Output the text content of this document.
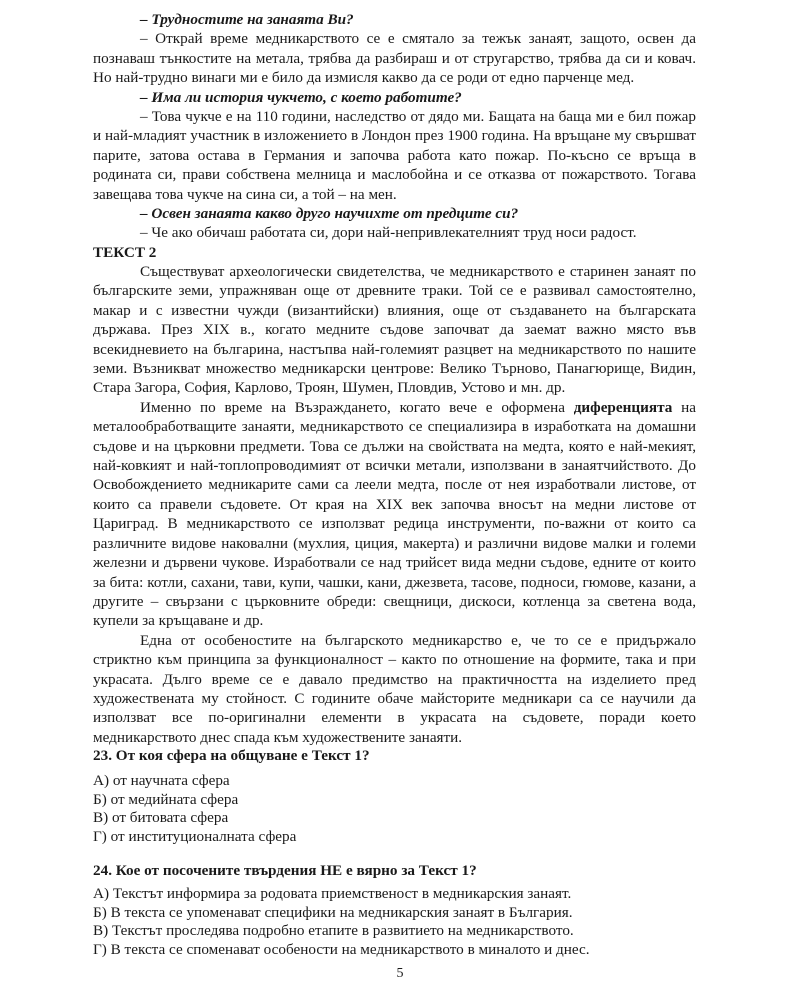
– Трудностите на занаята Ви?

– Открай време медникарството се е смятало за тежък занаят, защото, освен да познаваш тънкостите на метала, трябва да разбираш и от стругарство, трябва да си и ковач. Но най-трудно винаги ми е било да измисля какво да се роди от едно парченце мед.

– Има ли история чукчето, с което работите?

– Това чукче е на 110 години, наследство от дядо ми. Бащата на баща ми е бил пожар и най-младият участник в изложението в Лондон през 1900 година. На връщане му свършват парите, затова остава в Германия и започва работа като пожар. По-късно се връща в родината си, прави собствена мелница и маслобойна и се отказва от пожарството. Тогава завещава това чукче на сина си, а той – на мен.

– Освен занаята какво друго научихте от предците си?

– Че ако обичаш работата си, дори най-непривлекателният труд носи радост.

ТЕКСТ 2

Съществуват археологически свидетелства, че медникарството е старинен занаят по българските земи, упражняван още от древните траки. Той се е развивал самостоятелно, макар и с известни чужди (византийски) влияния, още от създаването на българската държава. През XIX в., когато медните съдове започват да заемат важно място във всекидневието на българина, настъпва най-големият разцвет на медникарството по нашите земи. Възникват множество медникарски центрове: Велико Търново, Панагюрище, Видин, Стара Загора, София, Карлово, Троян, Шумен, Пловдив, Устово и мн. др.

Именно по време на Възраждането, когато вече е оформена диференцията на металообработващите занаяти, медникарството се специализира в изработката на домашни съдове и на църковни предмети. Това се дължи на свойствата на медта, която е най-мекият, най-ковкият и най-топлопроводимият от всички метали, използвани в занаятчийството. До Освобождението медникарите сами са леели медта, после от нея изработвали листове, от които са правели съдовете. От края на XIX век започва вносът на медни листове от Цариград. В медникарството се използват редица инструменти, по-важни от които са различните видове наковални (мухлия, циция, макерта) и различни видове малки и големи железни и дървени чукове. Изработвали се над трийсет вида медни съдове, едните от които за бита: котли, сахани, тави, купи, чашки, кани, джезвета, тасове, подноси, гюмове, казани, а другите – свързани с църковните обреди: свещници, дискоси, котленца за светена вода, купели за кръщаване и др.

Една от особеностите на българското медникарство е, че то се е придържало стриктно към принципа за функционалност – както по отношение на формите, така и при украсата. Дълго време се е давало предимство на практичността на изделието пред художествената му стойност. С годините обаче майсторите медникари са се научили да използват все по-оригинални елементи в украсата на съдовете, поради което медникарството днес спада към художествените занаяти.

23. От коя сфера на общуване е Текст 1?

А) от научната сфера
Б) от медийната сфера
В) от битовата сфера
Г) от институционалната сфера

24. Кое от посочените твърдения НЕ е вярно за Текст 1?

А) Текстът информира за родовата приемственост в медникарския занаят.
Б) В текста се упоменават специфики на медникарския занаят в България.
В) Текстът проследява подробно етапите в развитието на медникарството.
Г) В текста се споменават особености на медникарството в миналото и днес.
5
